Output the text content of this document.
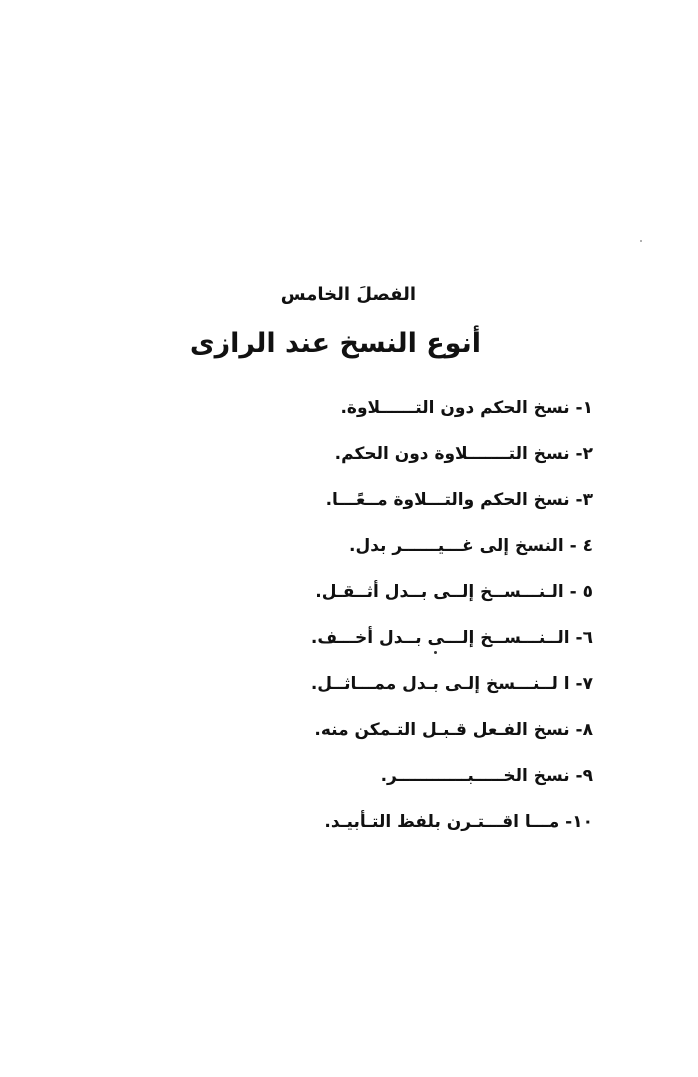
الفصلَ الخامس
أنوع النسخ عند الرازى
١- نسخ الحكم دون التــــــلاوة.
٢- نسخ التـــــــلاوة دون الحكم.
٣- نسخ الحكم والتـــلاوة مــعًـــا.
٤ - النسخ إلى غـــيــــــر بدل.
٥ - الـنـــســخ إلــى بــدل أثــقـل.
٦- الــنـــســخ إلـــى بــدل أخـــف.
٧- ا لــنـــسخ إلـى بـدل ممـــاثــل.
٨- نسخ الفـعل قـبـل التـمكن منه.
٩- نسخ الخـــــبــــــــــــر.
١٠- مـــا اقـــتـرن بلفظ التـأبيـد.
